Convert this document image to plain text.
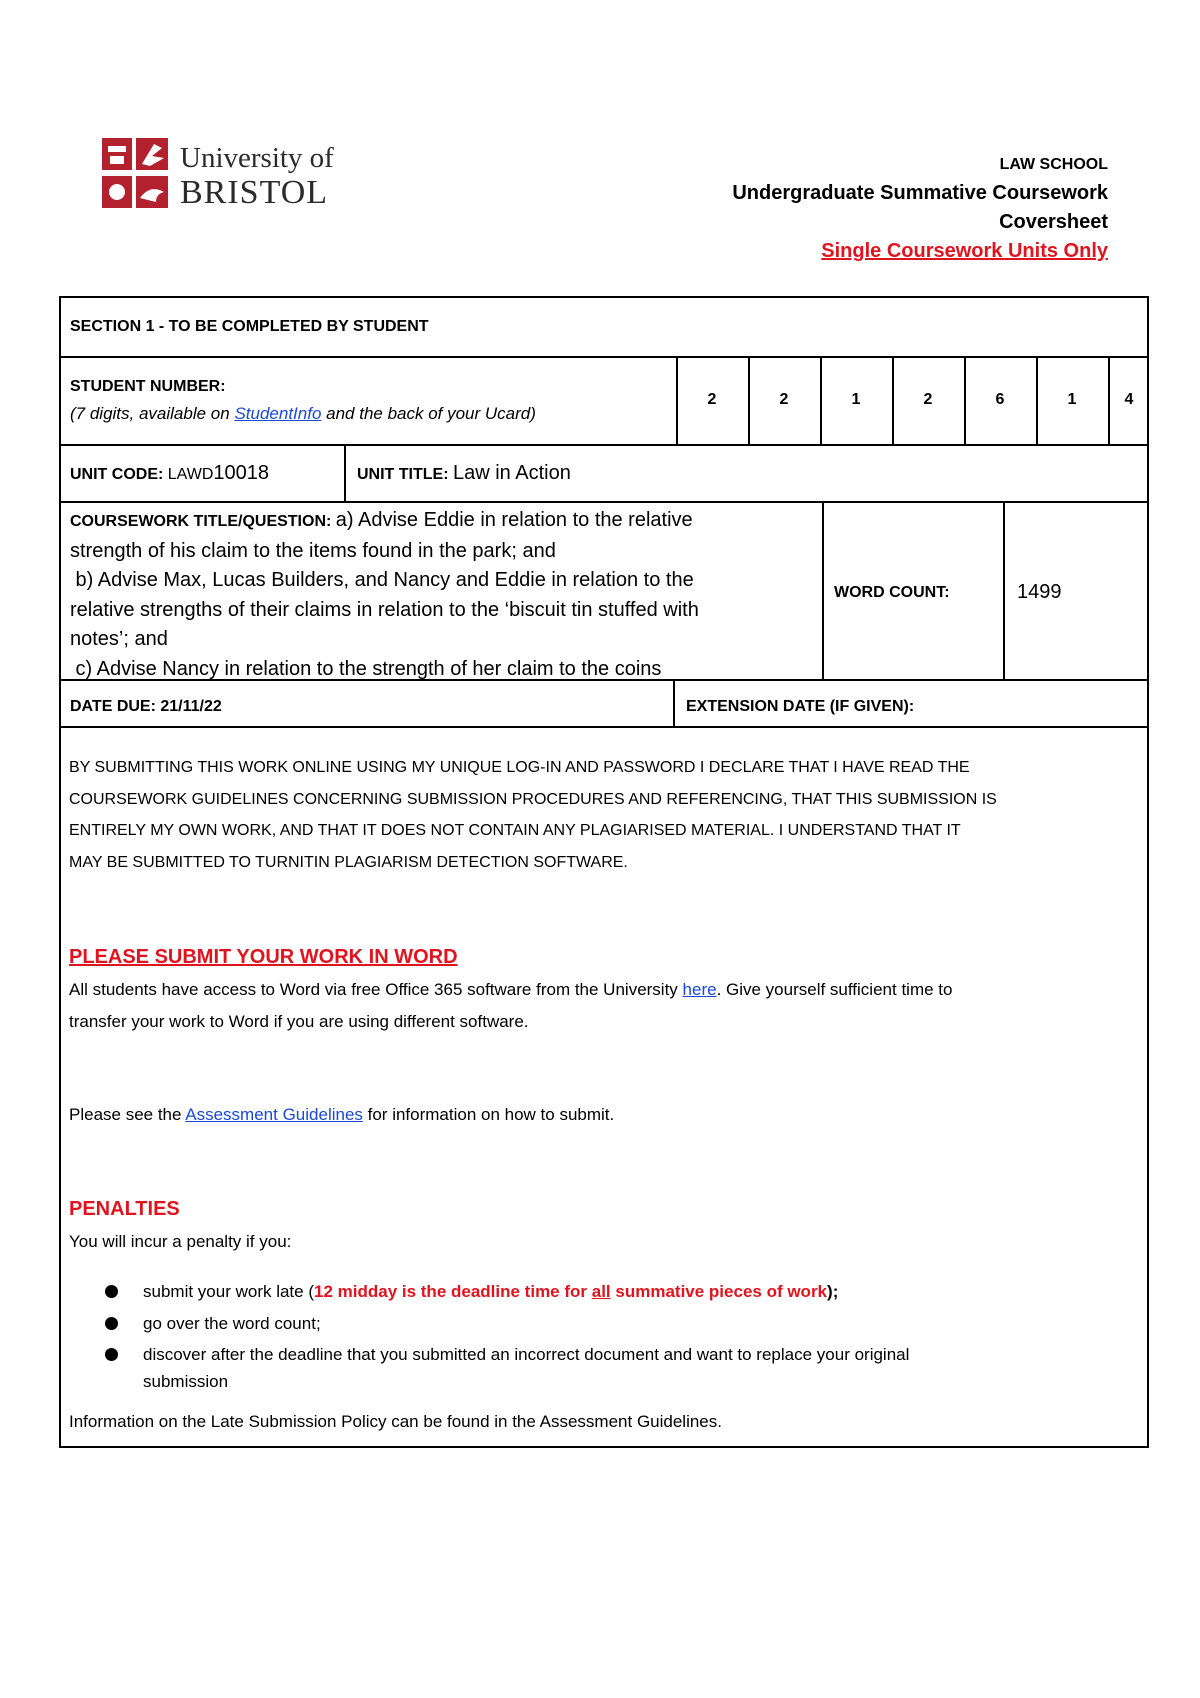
University of
BRISTOL
LAW SCHOOL
Undergraduate Summative Coursework
Coversheet
Single Coursework Units Only
SECTION 1 - TO BE COMPLETED BY STUDENT
STUDENT NUMBER:
(7 digits, available on StudentInfo and the back of your Ucard)
2	2	1	2	6	1	4
UNIT CODE: LAWD10018	UNIT TITLE: Law in Action
COURSEWORK TITLE/QUESTION: a) Advise Eddie in relation to the relative
strength of his claim to the items found in the park; and
b) Advise Max, Lucas Builders, and Nancy and Eddie in relation to the
relative strengths of their claims in relation to the ‘biscuit tin stuffed with
notes’; and
c) Advise Nancy in relation to the strength of her claim to the coins
WORD COUNT:	1499
DATE DUE: 21/11/22	EXTENSION DATE (IF GIVEN):
BY SUBMITTING THIS WORK ONLINE USING MY UNIQUE LOG-IN AND PASSWORD I DECLARE THAT I HAVE READ THE
COURSEWORK GUIDELINES CONCERNING SUBMISSION PROCEDURES AND REFERENCING, THAT THIS SUBMISSION IS
ENTIRELY MY OWN WORK, AND THAT IT DOES NOT CONTAIN ANY PLAGIARISED MATERIAL. I UNDERSTAND THAT IT
MAY BE SUBMITTED TO TURNITIN PLAGIARISM DETECTION SOFTWARE.
PLEASE SUBMIT YOUR WORK IN WORD
All students have access to Word via free Office 365 software from the University here. Give yourself sufficient time to
transfer your work to Word if you are using different software.
Please see the Assessment Guidelines for information on how to submit.
PENALTIES
You will incur a penalty if you:
submit your work late (12 midday is the deadline time for all summative pieces of work);
go over the word count;
discover after the deadline that you submitted an incorrect document and want to replace your original
submission
Information on the Late Submission Policy can be found in the Assessment Guidelines.
